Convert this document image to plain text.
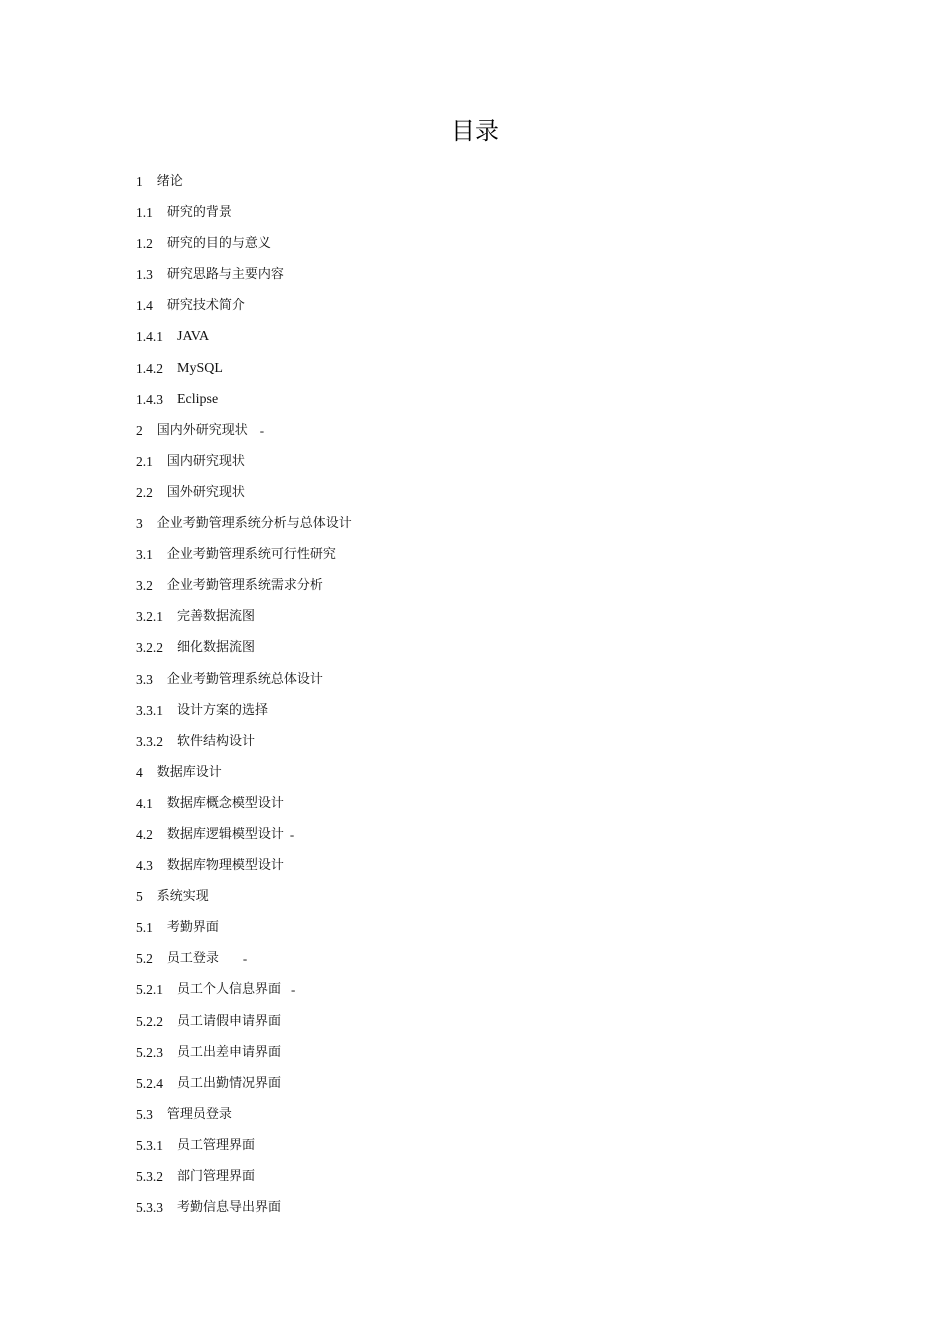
目录
1 绪论
1.1 研究的背景
1.2 研究的目的与意义
1.3 研究思路与主要内容
1.4 研究技术简介
1.4.1 JAVA
1.4.2 MySQL
1.4.3 Eclipse
2 国内外研究现状 -
2.1 国内研究现状
2.2 国外研究现状
3 企业考勤管理系统分析与总体设计
3.1 企业考勤管理系统可行性研究
3.2 企业考勤管理系统需求分析
3.2.1 完善数据流图
3.2.2 细化数据流图
3.3 企业考勤管理系统总体设计
3.3.1 设计方案的选择
3.3.2 软件结构设计
4 数据库设计
4.1 数据库概念模型设计
4.2 数据库逻辑模型设计 -
4.3 数据库物理模型设计
5 系统实现
5.1 考勤界面
5.2 员工登录 -
5.2.1 员工个人信息界面 -
5.2.2 员工请假申请界面
5.2.3 员工出差申请界面
5.2.4 员工出勤情况界面
5.3 管理员登录
5.3.1 员工管理界面
5.3.2 部门管理界面
5.3.3 考勤信息导出界面
